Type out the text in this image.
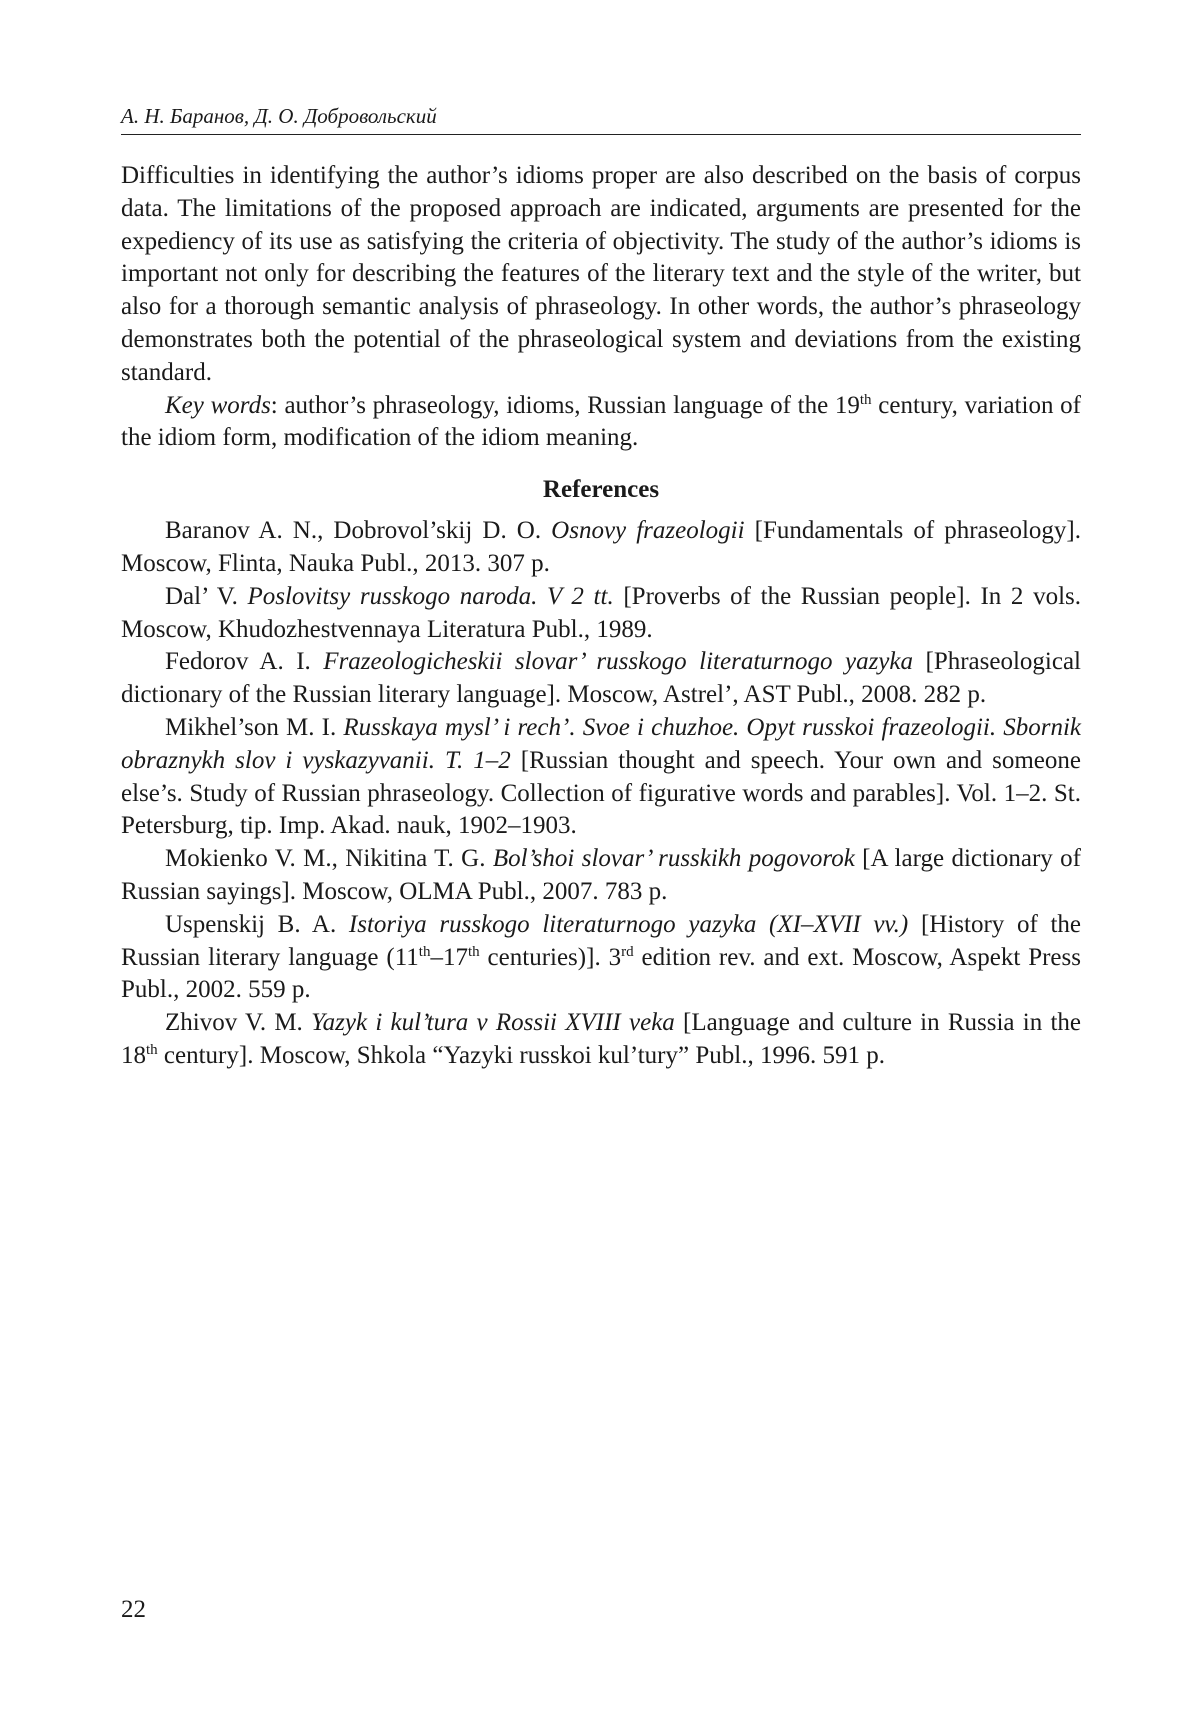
А. Н. Баранов, Д. О. Добровольский

Difficulties in identifying the author’s idioms proper are also described on the basis of corpus data. The limitations of the proposed approach are indicated, arguments are presented for the expediency of its use as satisfying the criteria of objectivity. The study of the author’s idioms is important not only for describing the features of the literary text and the style of the writer, but also for a thorough semantic analysis of phraseology. In other words, the author’s phraseology demonstrates both the potential of the phraseological system and deviations from the existing standard.

Key words: author’s phraseology, idioms, Russian language of the 19th century, variation of the idiom form, modification of the idiom meaning.

References

Baranov A. N., Dobrovol’skij D. O. Osnovy frazeologii [Fundamentals of phraseology]. Moscow, Flinta, Nauka Publ., 2013. 307 p.

Dal’ V. Poslovitsy russkogo naroda. V 2 tt. [Proverbs of the Russian people]. In 2 vols. Moscow, Khudozhestvennaya Literatura Publ., 1989.

Fedorov A. I. Frazeologicheskii slovar’ russkogo literaturnogo yazyka [Phraseological dictionary of the Russian literary language]. Moscow, Astrel’, AST Publ., 2008. 282 p.

Mikhel’son M. I. Russkaya mysl’ i rech’. Svoe i chuzhoe. Opyt russkoi frazeologii. Sbornik obraznykh slov i vyskazyvanii. T. 1–2 [Russian thought and speech. Your own and someone else’s. Study of Russian phraseology. Collection of figurative words and parables]. Vol. 1–2. St. Petersburg, tip. Imp. Akad. nauk, 1902–1903.

Mokienko V. M., Nikitina T. G. Bol’shoi slovar’ russkikh pogovorok [A large dictionary of Russian sayings]. Moscow, OLMA Publ., 2007. 783 p.

Uspenskij B. A. Istoriya russkogo literaturnogo yazyka (XI–XVII vv.) [History of the Russian literary language (11th–17th centuries)]. 3rd edition rev. and ext. Moscow, Aspekt Press Publ., 2002. 559 p.

Zhivov V. M. Yazyk i kul’tura v Rossii XVIII veka [Language and culture in Russia in the 18th century]. Moscow, Shkola “Yazyki russkoi kul’tury” Publ., 1996. 591 p.

22
